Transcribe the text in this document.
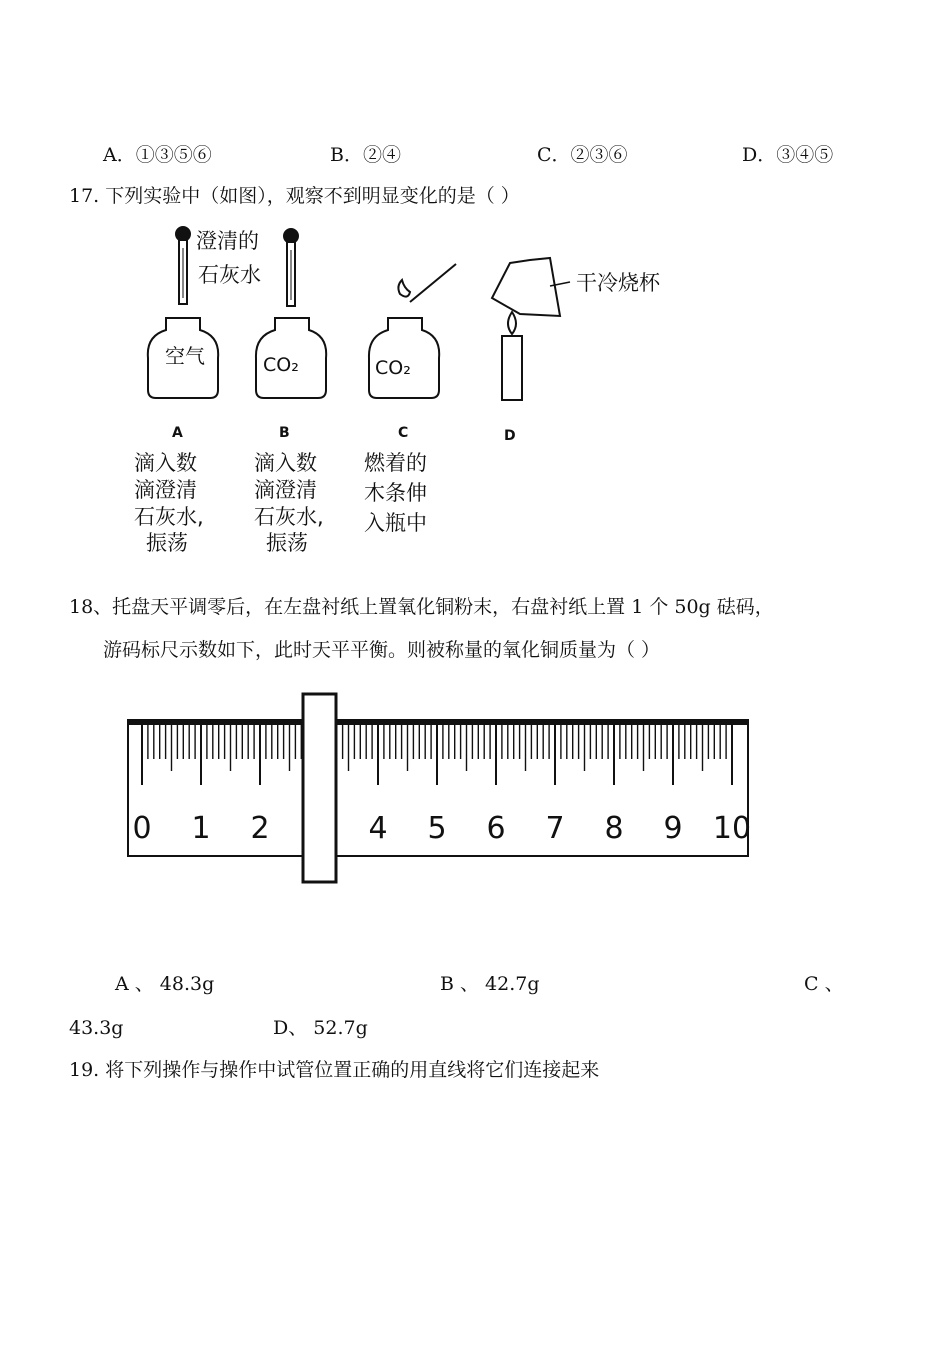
A．①③⑤⑥	B．②④	C．②③⑥	D．③④⑤
17. 下列实验中（如图），观察不到明显变化的是（ ）
澄清的
石灰水	干冷烧杯
空气	CO₂	CO₂
A	B	C	D
滴入数
滴澄清
石灰水,
振荡
滴入数
滴澄清
石灰水,
振荡
燃着的
木条伸
入瓶中
18、托盘天平调零后，在左盘衬纸上置氧化铜粉末，右盘衬纸上置 1 个 50g 砝码，
游码标尺示数如下，此时天平平衡。则被称量的氧化铜质量为（ ）
0 1 2	4 5 6 7 8 9 10
A 、 48.3g	B 、 42.7g	C 、
43.3g	D、 52.7g
19. 将下列操作与操作中试管位置正确的用直线将它们连接起来
